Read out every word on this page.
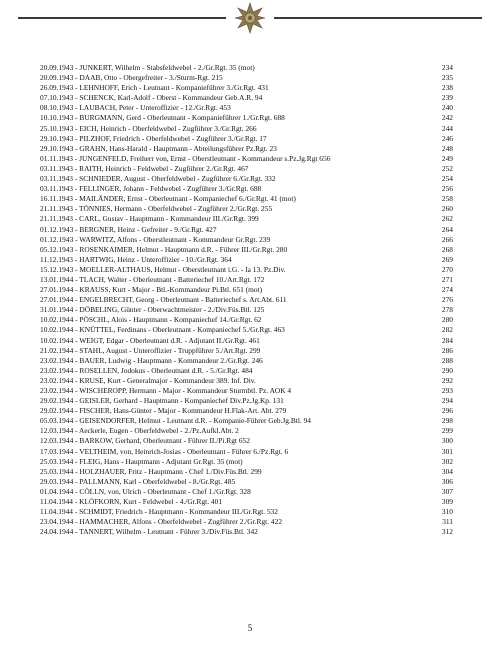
20.09.1943 - JUNKERT, Wilhelm - Stabsfeldwebel - 2./Gr.Rgt. 35 (mot)	234
20.09.1943 - DAAB, Otto - Obergefreiter - 3./Sturm-Rgt. 215	235
26.09.1943 - LEHNHOFF, Erich - Leutnant - Kompanieführer 3./Gr.Rgt. 431	238
07.10.1943 - SCHENCK, Karl-Adolf - Oberst - Kommandeur Geb.A.R. 94	239
08.10.1943 - LAUBACH, Peter - Unteroffizier - 12./Gr.Rgt. 453	240
10.10.1943 - BURGMANN, Gerd - Oberleutnant - Kompanieführer 1./Gr.Rgt. 688	242
25.10.1943 - EICH, Heinrich - Oberfeldwebel - Zugführer 3./Gr.Rgt. 266	244
29.10.1943 - PILZHOF, Friedrich - Oberfeldwebel - Zugführer 3./Gr.Rgt. 17	246
29.10.1943 - GRAHN, Hans-Harald - Hauptmann - Abteilungsführer Pz.Rgt. 23	248
01.11.1943 - JUNGENFELD, Freiherr von, Ernst - Oberstleutnant - Kommandeur s.Pz.Jg.Rgt 656	249
03.11.1943 - RAITH, Heinrich - Feldwebel - Zugführer 2./Gr.Rgt. 467	252
03.11.1943 - SCHNIEDER, August - Oberfeldwebel - Zugführer 6./Gr.Rgt. 332	254
03.11.1943 - FELLINGER, Johann - Feldwebel - Zugführer 3./Gr.Rgt. 688	256
16.11.1943 - MAILÄNDER, Ernst - Oberleutnant - Kompaniechef 6./Gr.Rgt. 41 (mot)	258
21.11.1943 - TÖNNIES, Hermann - Oberfeldwebel - Zugführer 2./Gr.Rgt. 255	260
21.11.1943 - CARL, Gustav - Hauptmann - Kommandeur III./Gr.Rgt. 399	262
01.12.1943 - BERGNER, Heinz - Gefreiter - 9./Gr.Rgt. 427	264
01.12.1943 - WARWITZ, Alfons - Oberstleutnant - Kommandeur Gr.Rgt. 239	266
05.12.1943 - ROSENKAIMER, Helmut - Hauptmann d.R. - Führer III./Gr.Rgt. 280	268
11.12.1943 - HARTWIG, Heinz - Unteroffizier - 10./Gr.Rgt. 364	269
15.12.1943 - MOELLER-ALTHAUS, Helmut - Oberstleutnant i.G. - Ia 13. Pz.Div.	270
13.01.1944 - TLACH, Walter - Oberleutnant - Batteriechef 10./Art.Rgt. 172	271
27.01.1944 - KRAUSS, Kurt - Major - Btl.-Kommandeur Pi.Btl. 651 (mot)	274
27.01.1944 - ENGELBRECHT, Georg - Oberleutnant - Batteriechef s. Art.Abt. 611	276
31.01.1944 - DÖBELING, Günter - Oberwachtmeister - 2./Div.Füs.Btl. 125	278
10.02.1944 - PÖSCHL, Alois - Hauptmann - Kompaniechef 14./Gr.Rgt. 62	280
10.02.1944 - KNÜTTEL, Ferdinans - Oberleutnant - Kompaniechef 5./Gr.Rgt. 463	282
10.02.1944 - WEIGT, Edgar - Oberleutnant d.R. - Adjutant II./Gr.Rgt. 461	284
21.02.1944 - STAHL, August - Unteroffizier - Truppführer 5./Art.Rgt. 299	286
23.02.1944 - BAUER, Ludwig - Hauptmann - Kommandeur 2./Gr.Rgt. 246	288
23.02.1944 - ROSELLEN, Jodokus - Oberleutnant d.R. - 5./Gr.Rgt. 484	290
23.02.1944 - KRUSE, Kurt - Generalmajor - Kommandeur 389. Inf. Div.	292
23.02.1944 - WISCHEROPP, Hermann - Major - Kommandeur Sturmbtl. Pz. AOK 4	293
29.02.1944 - GEISLER, Gerhard - Hauptmann - Kompaniechef Div.Pz.Jg.Kp. 131	294
29.02.1944 - FISCHER, Hans-Günter - Major - Kommandeur H.Flak-Art. Abt. 279	296
05.03.1944 - GEISENDORFER, Helmut - Leutnant d.R. - Kompanie-Führer Geb.Jg.Btl. 94	298
12.03.1944 - Aeckerle, Eugen - Oberfeldwebel - 2./Pz.Aufkl.Abt. 2	299
12.03.1944 - BARKOW, Gerhard, Oberleutnant - Führer II./Pi.Rgt 652	300
17.03.1944 - VELTHEIM, von, Heinrich-Josias - Oberleutnant - Führer 6./Pz.Rgt. 6	301
25.03.1944 - FLEIG, Hans - Hauptmann - Adjutant Gr.Rgt. 35 (mot)	302
25.03.1944 - HOLZHAUER, Fritz - Hauptmann - Chef 1./Div.Füs.Btl. 299	304
29.03.1944 - PALLMANN, Karl - Oberfeldwebel - 8./Gr.Rgt. 485	306
01.04.1944 - CÖLLN, von, Ulrich - Oberleutnant - Chef 1./Gr.Rgt. 328	307
11.04.1944 - KLÖFKORN, Kurt - Feldwebel - 4./Gr.Rgt. 401	309
11.04.1944 - SCHMIDT, Friedrich - Hauptmann - Kommandeur III./Gr.Rgt. 532	310
23.04.1944 - HAMMACHER, Alfons - Oberfeldwebel - Zugführer 2./Gr.Rgt. 422	311
24.04.1944 - TANNERT, Wilhelm - Leutnant - Führer 3./Div.Füs.Btl. 342	312
5
